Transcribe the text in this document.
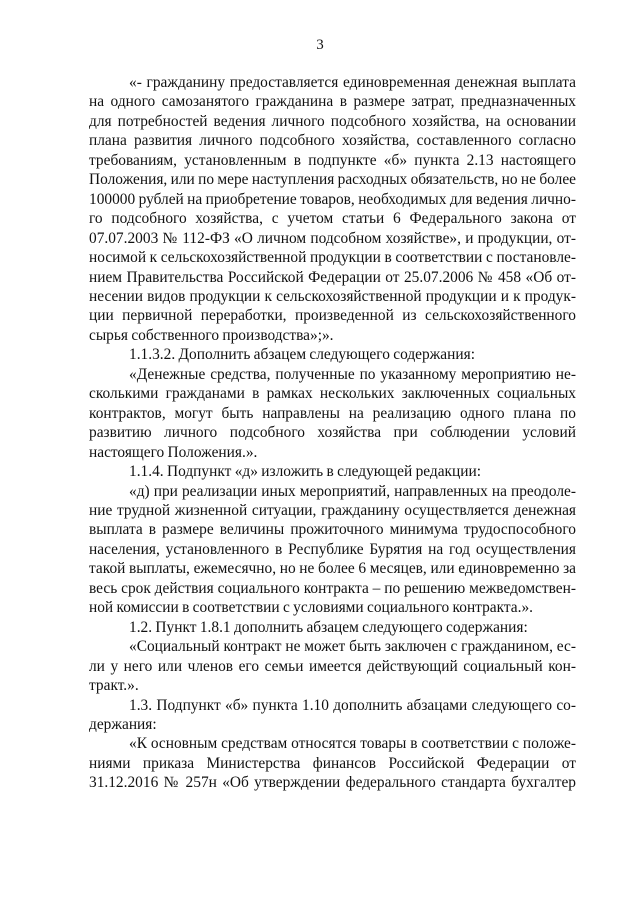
3

«- гражданину предоставляется единовременная денежная выплата на одного самозанятого гражданина в размере затрат, предназначенных для потребностей ведения личного подсобного хозяйства, на основании плана развития личного подсобного хозяйства, составленного согласно требованиям, установленным в подпункте «б» пункта 2.13 настоящего Положения, или по мере наступления расходных обязательств, но не более 100000 рублей на приобретение товаров, необходимых для ведения личного подсобного хозяйства, с учетом статьи 6 Федерального закона от 07.07.2003 № 112-ФЗ «О личном подсобном хозяйстве», и продукции, относимой к сельскохозяйственной продукции в соответствии с постановлением Правительства Российской Федерации от 25.07.2006 № 458 «Об отнесении видов продукции к сельскохозяйственной продукции и к продукции первичной переработки, произведенной из сельскохозяйственного сырья собственного производства»;».

1.1.3.2. Дополнить абзацем следующего содержания:

«Денежные средства, полученные по указанному мероприятию несколькими гражданами в рамках нескольких заключенных социальных контрактов, могут быть направлены на реализацию одного плана по развитию личного подсобного хозяйства при соблюдении условий настоящего Положения.».

1.1.4. Подпункт «д» изложить в следующей редакции:

«д) при реализации иных мероприятий, направленных на преодоление трудной жизненной ситуации, гражданину осуществляется денежная выплата в размере величины прожиточного минимума трудоспособного населения, установленного в Республике Бурятия на год осуществления такой выплаты, ежемесячно, но не более 6 месяцев, или единовременно за весь срок действия социального контракта – по решению межведомственной комиссии в соответствии с условиями социального контракта.».

1.2. Пункт 1.8.1 дополнить абзацем следующего содержания:

«Социальный контракт не может быть заключен с гражданином, если у него или членов его семьи имеется действующий социальный контракт.».

1.3. Подпункт «б» пункта 1.10 дополнить абзацами следующего содержания:

«К основным средствам относятся товары в соответствии с положениями приказа Министерства финансов Российской Федерации от 31.12.2016 № 257н «Об утверждении федерального стандарта бухгалтер
